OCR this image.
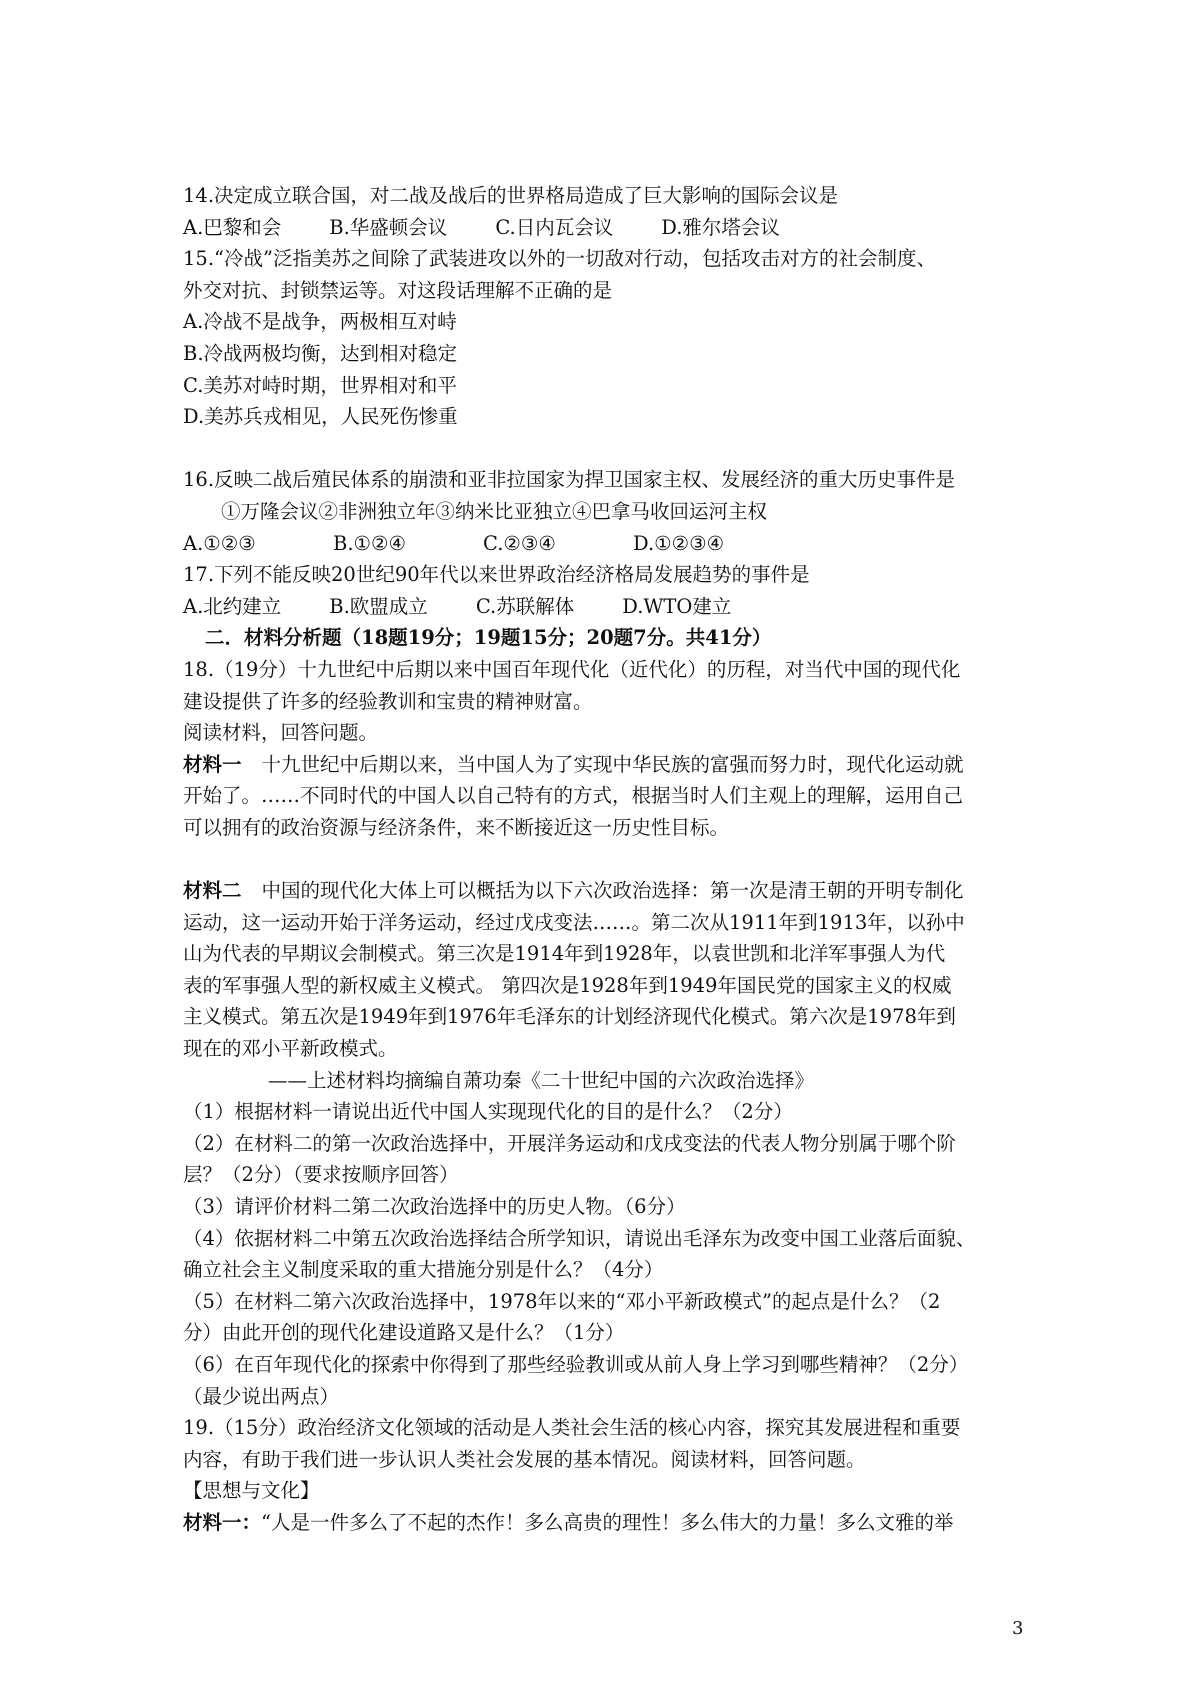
14.决定成立联合国，对二战及战后的世界格局造成了巨大影响的国际会议是
A.巴黎和会 B.华盛顿会议 C.日内瓦会议 D.雅尔塔会议
15.“冷战”泛指美苏之间除了武装进攻以外的一切敌对行动，包括攻击对方的社会制度、
外交对抗、封锁禁运等。对这段话理解不正确的是
A.冷战不是战争，两极相互对峙
B.冷战两极均衡，达到相对稳定
C.美苏对峙时期，世界相对和平
D.美苏兵戎相见，人民死伤惨重
16.反映二战后殖民体系的崩溃和亚非拉国家为捍卫国家主权、发展经济的重大历史事件是
①万隆会议②非洲独立年③纳米比亚独立④巴拿马收回运河主权
A.①②③	B.①②④	C.②③④	D.①②③④
17.下列不能反映20世纪90年代以来世界政治经济格局发展趋势的事件是
A.北约建立 B.欧盟成立 C.苏联解体 D.WTO建立
二．材料分析题（18题19分；19题15分；20题7分。共41分）
18.（19分）十九世纪中后期以来中国百年现代化（近代化）的历程，对当代中国的现代化
建设提供了许多的经验教训和宝贵的精神财富。
阅读材料，回答问题。
材料一 十九世纪中后期以来，当中国人为了实现中华民族的富强而努力时，现代化运动就
开始了。……不同时代的中国人以自己特有的方式，根据当时人们主观上的理解，运用自己
可以拥有的政治资源与经济条件，来不断接近这一历史性目标。
材料二 中国的现代化大体上可以概括为以下六次政治选择：第一次是清王朝的开明专制化
运动，这一运动开始于洋务运动，经过戊戌变法……。第二次从1911年到1913年，以孙中
山为代表的早期议会制模式。第三次是1914年到1928年，以袁世凯和北洋军事强人为代
表的军事强人型的新权威主义模式。 第四次是1928年到1949年国民党的国家主义的权威
主义模式。第五次是1949年到1976年毛泽东的计划经济现代化模式。第六次是1978年到
现在的邓小平新政模式。
——上述材料均摘编自萧功秦《二十世纪中国的六次政治选择》
（1）根据材料一请说出近代中国人实现现代化的目的是什么？（2分）
（2）在材料二的第一次政治选择中，开展洋务运动和戊戌变法的代表人物分别属于哪个阶
层？（2分）（要求按顺序回答）
（3）请评价材料二第二次政治选择中的历史人物。（6分）
（4）依据材料二中第五次政治选择结合所学知识，请说出毛泽东为改变中国工业落后面貌、
确立社会主义制度采取的重大措施分别是什么？（4分）
（5）在材料二第六次政治选择中，1978年以来的“邓小平新政模式”的起点是什么？（2
分）由此开创的现代化建设道路又是什么？（1分）
（6）在百年现代化的探索中你得到了那些经验教训或从前人身上学习到哪些精神？（2分）
（最少说出两点）
19.（15分）政治经济文化领域的活动是人类社会生活的核心内容，探究其发展进程和重要
内容，有助于我们进一步认识人类社会发展的基本情况。阅读材料，回答问题。
【思想与文化】
材料一：“人是一件多么了不起的杰作！多么高贵的理性！多么伟大的力量！多么文雅的举
3
